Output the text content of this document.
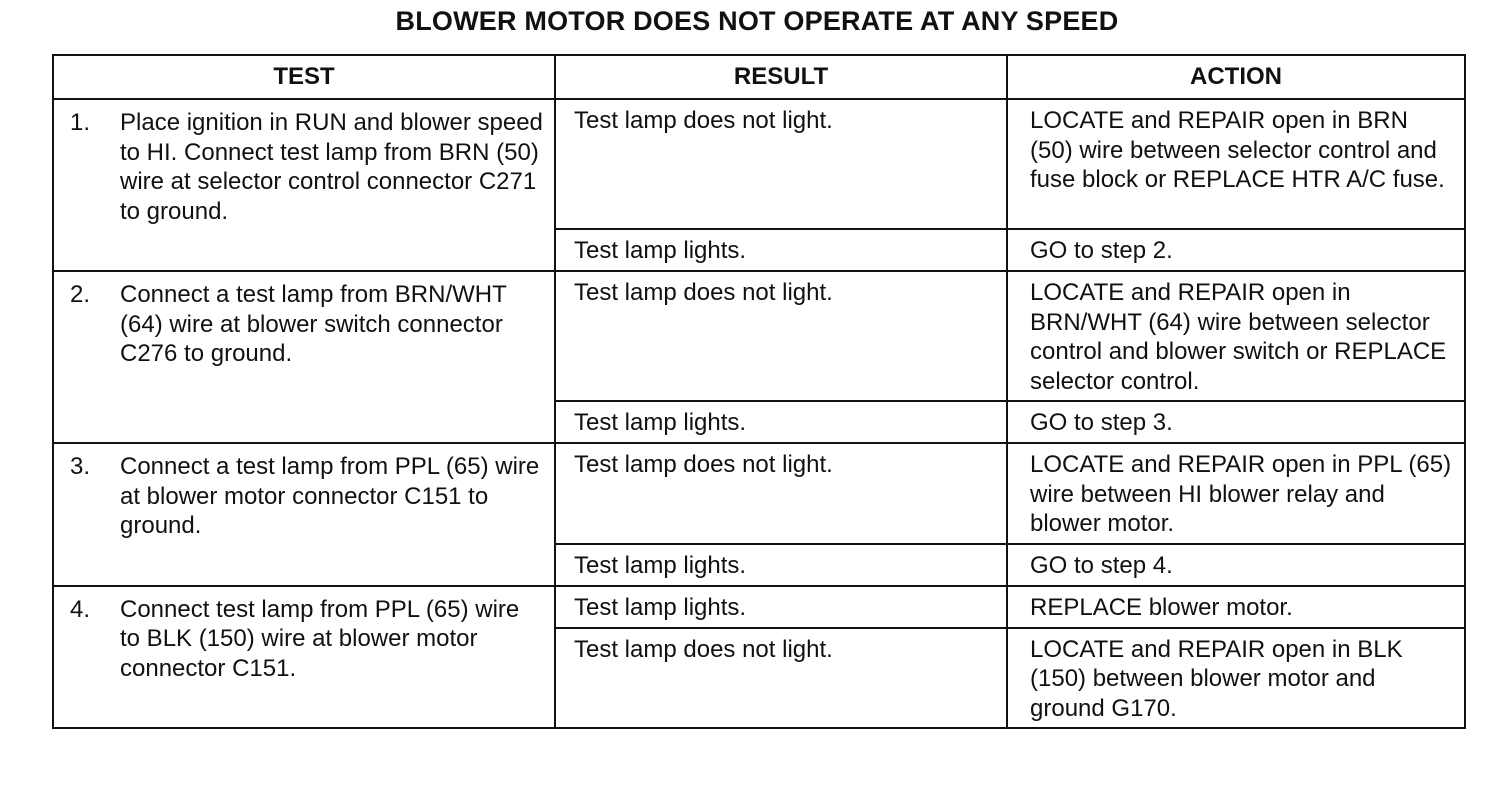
BLOWER MOTOR DOES NOT OPERATE AT ANY SPEED
TEST	RESULT	ACTION

1. Place ignition in RUN and blower speed to HI. Connect test lamp from BRN (50) wire at selector control connector C271 to ground.	Test lamp does not light.	LOCATE and REPAIR open in BRN (50) wire between selector control and fuse block or REPLACE HTR A/C fuse.
	Test lamp lights.	GO to step 2.

2. Connect a test lamp from BRN/WHT (64) wire at blower switch connector C276 to ground.	Test lamp does not light.	LOCATE and REPAIR open in BRN/WHT (64) wire between selector control and blower switch or REPLACE selector control.
	Test lamp lights.	GO to step 3.

3. Connect a test lamp from PPL (65) wire at blower motor connector C151 to ground.	Test lamp does not light.	LOCATE and REPAIR open in PPL (65) wire between HI blower relay and blower motor.
	Test lamp lights.	GO to step 4.

4. Connect test lamp from PPL (65) wire to BLK (150) wire at blower motor connector C151.	Test lamp lights.	REPLACE blower motor.
	Test lamp does not light.	LOCATE and REPAIR open in BLK (150) between blower motor and ground G170.
